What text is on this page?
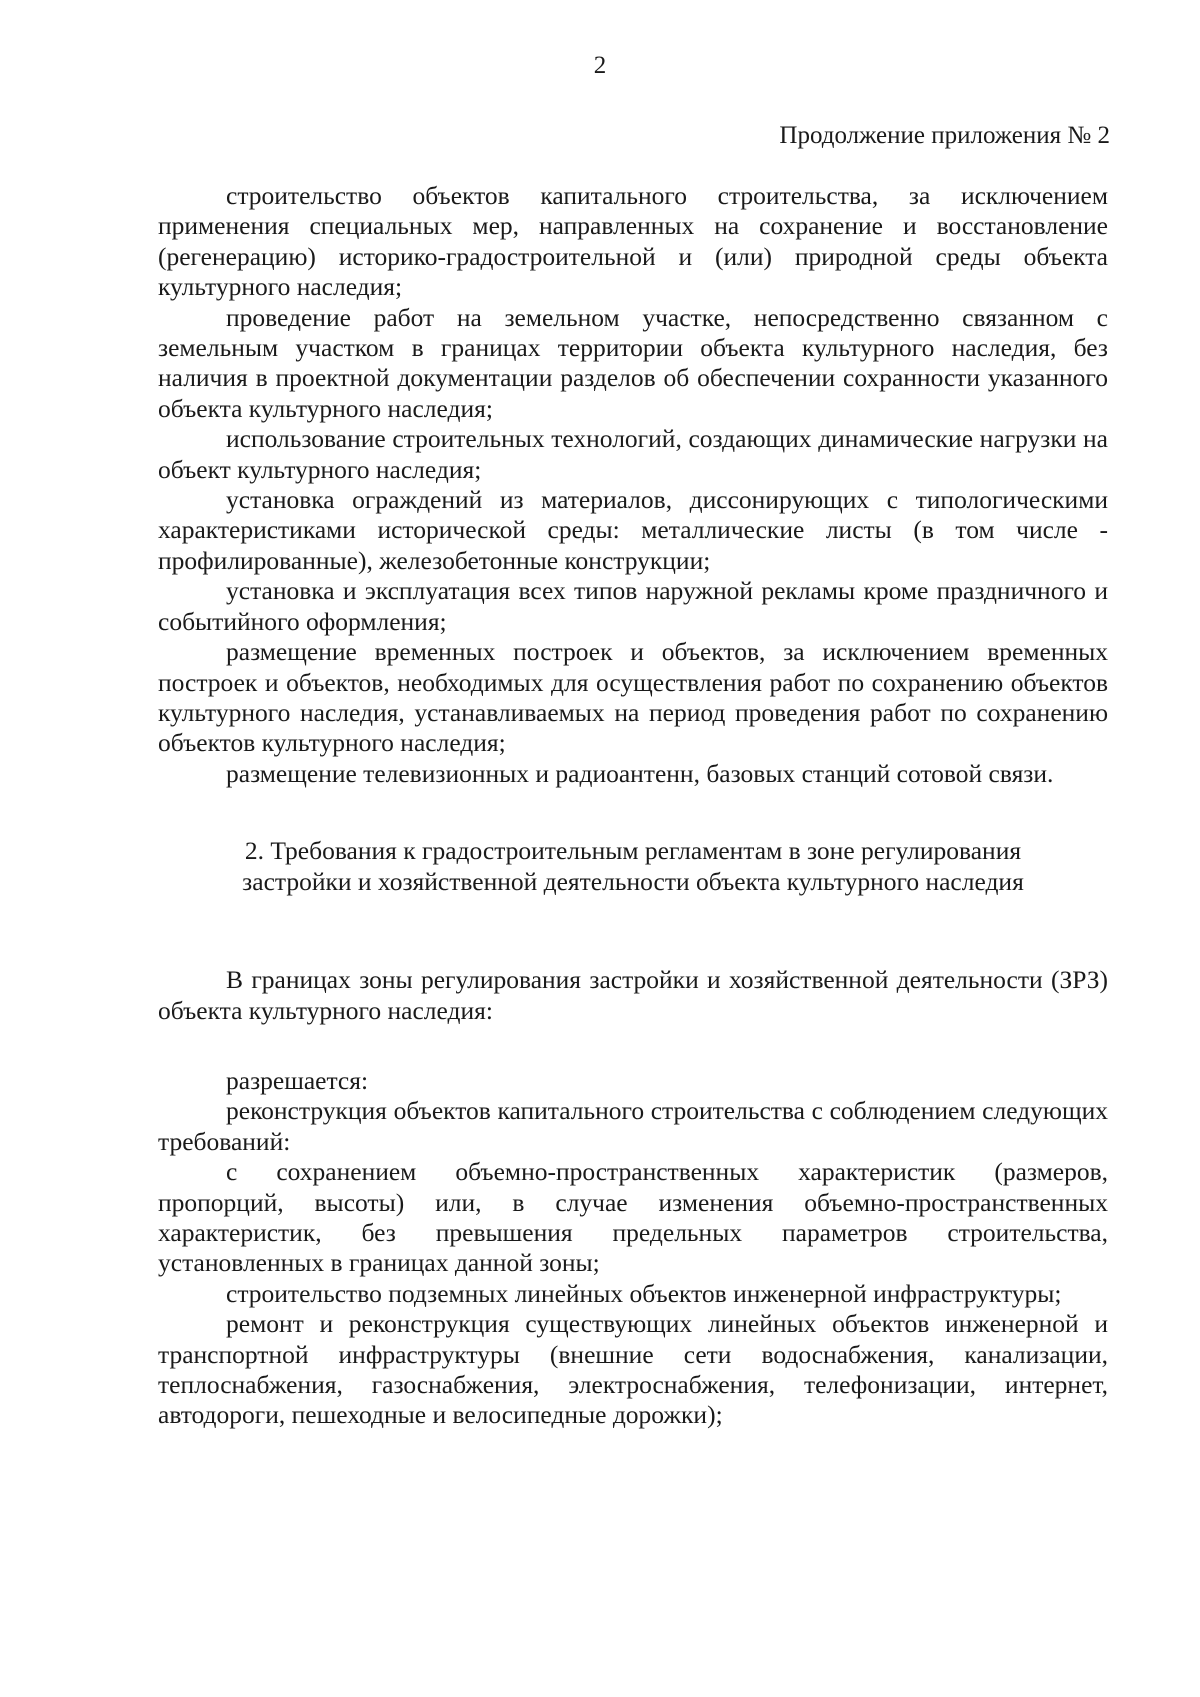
2
Продолжение приложения № 2

строительство объектов капитального строительства, за исключением применения специальных мер, направленных на сохранение и восстановление (регенерацию) историко-градостроительной и (или) природной среды объекта культурного наследия;

проведение работ на земельном участке, непосредственно связанном с земельным участком в границах территории объекта культурного наследия, без наличия в проектной документации разделов об обеспечении сохранности указанного объекта культурного наследия;

использование строительных технологий, создающих динамические нагрузки на объект культурного наследия;

установка ограждений из материалов, диссонирующих с типологическими характеристиками исторической среды: металлические листы (в том числе - профилированные), железобетонные конструкции;

установка и эксплуатация всех типов наружной рекламы кроме праздничного и событийного оформления;

размещение временных построек и объектов, за исключением временных построек и объектов, необходимых для осуществления работ по сохранению объектов культурного наследия, устанавливаемых на период проведения работ по сохранению объектов культурного наследия;

размещение телевизионных и радиоантенн, базовых станций сотовой связи.

2. Требования к градостроительным регламентам в зоне регулирования
застройки и хозяйственной деятельности объекта культурного наследия

В границах зоны регулирования застройки и хозяйственной деятельности (ЗРЗ) объекта культурного наследия:

разрешается:

реконструкция объектов капитального строительства с соблюдением следующих требований:

с сохранением объемно-пространственных характеристик (размеров, пропорций, высоты) или, в случае изменения объемно-пространственных характеристик, без превышения предельных параметров строительства, установленных в границах данной зоны;

строительство подземных линейных объектов инженерной инфраструктуры;

ремонт и реконструкция существующих линейных объектов инженерной и транспортной инфраструктуры (внешние сети водоснабжения, канализации, теплоснабжения, газоснабжения, электроснабжения, телефонизации, интернет, автодороги, пешеходные и велосипедные дорожки);
